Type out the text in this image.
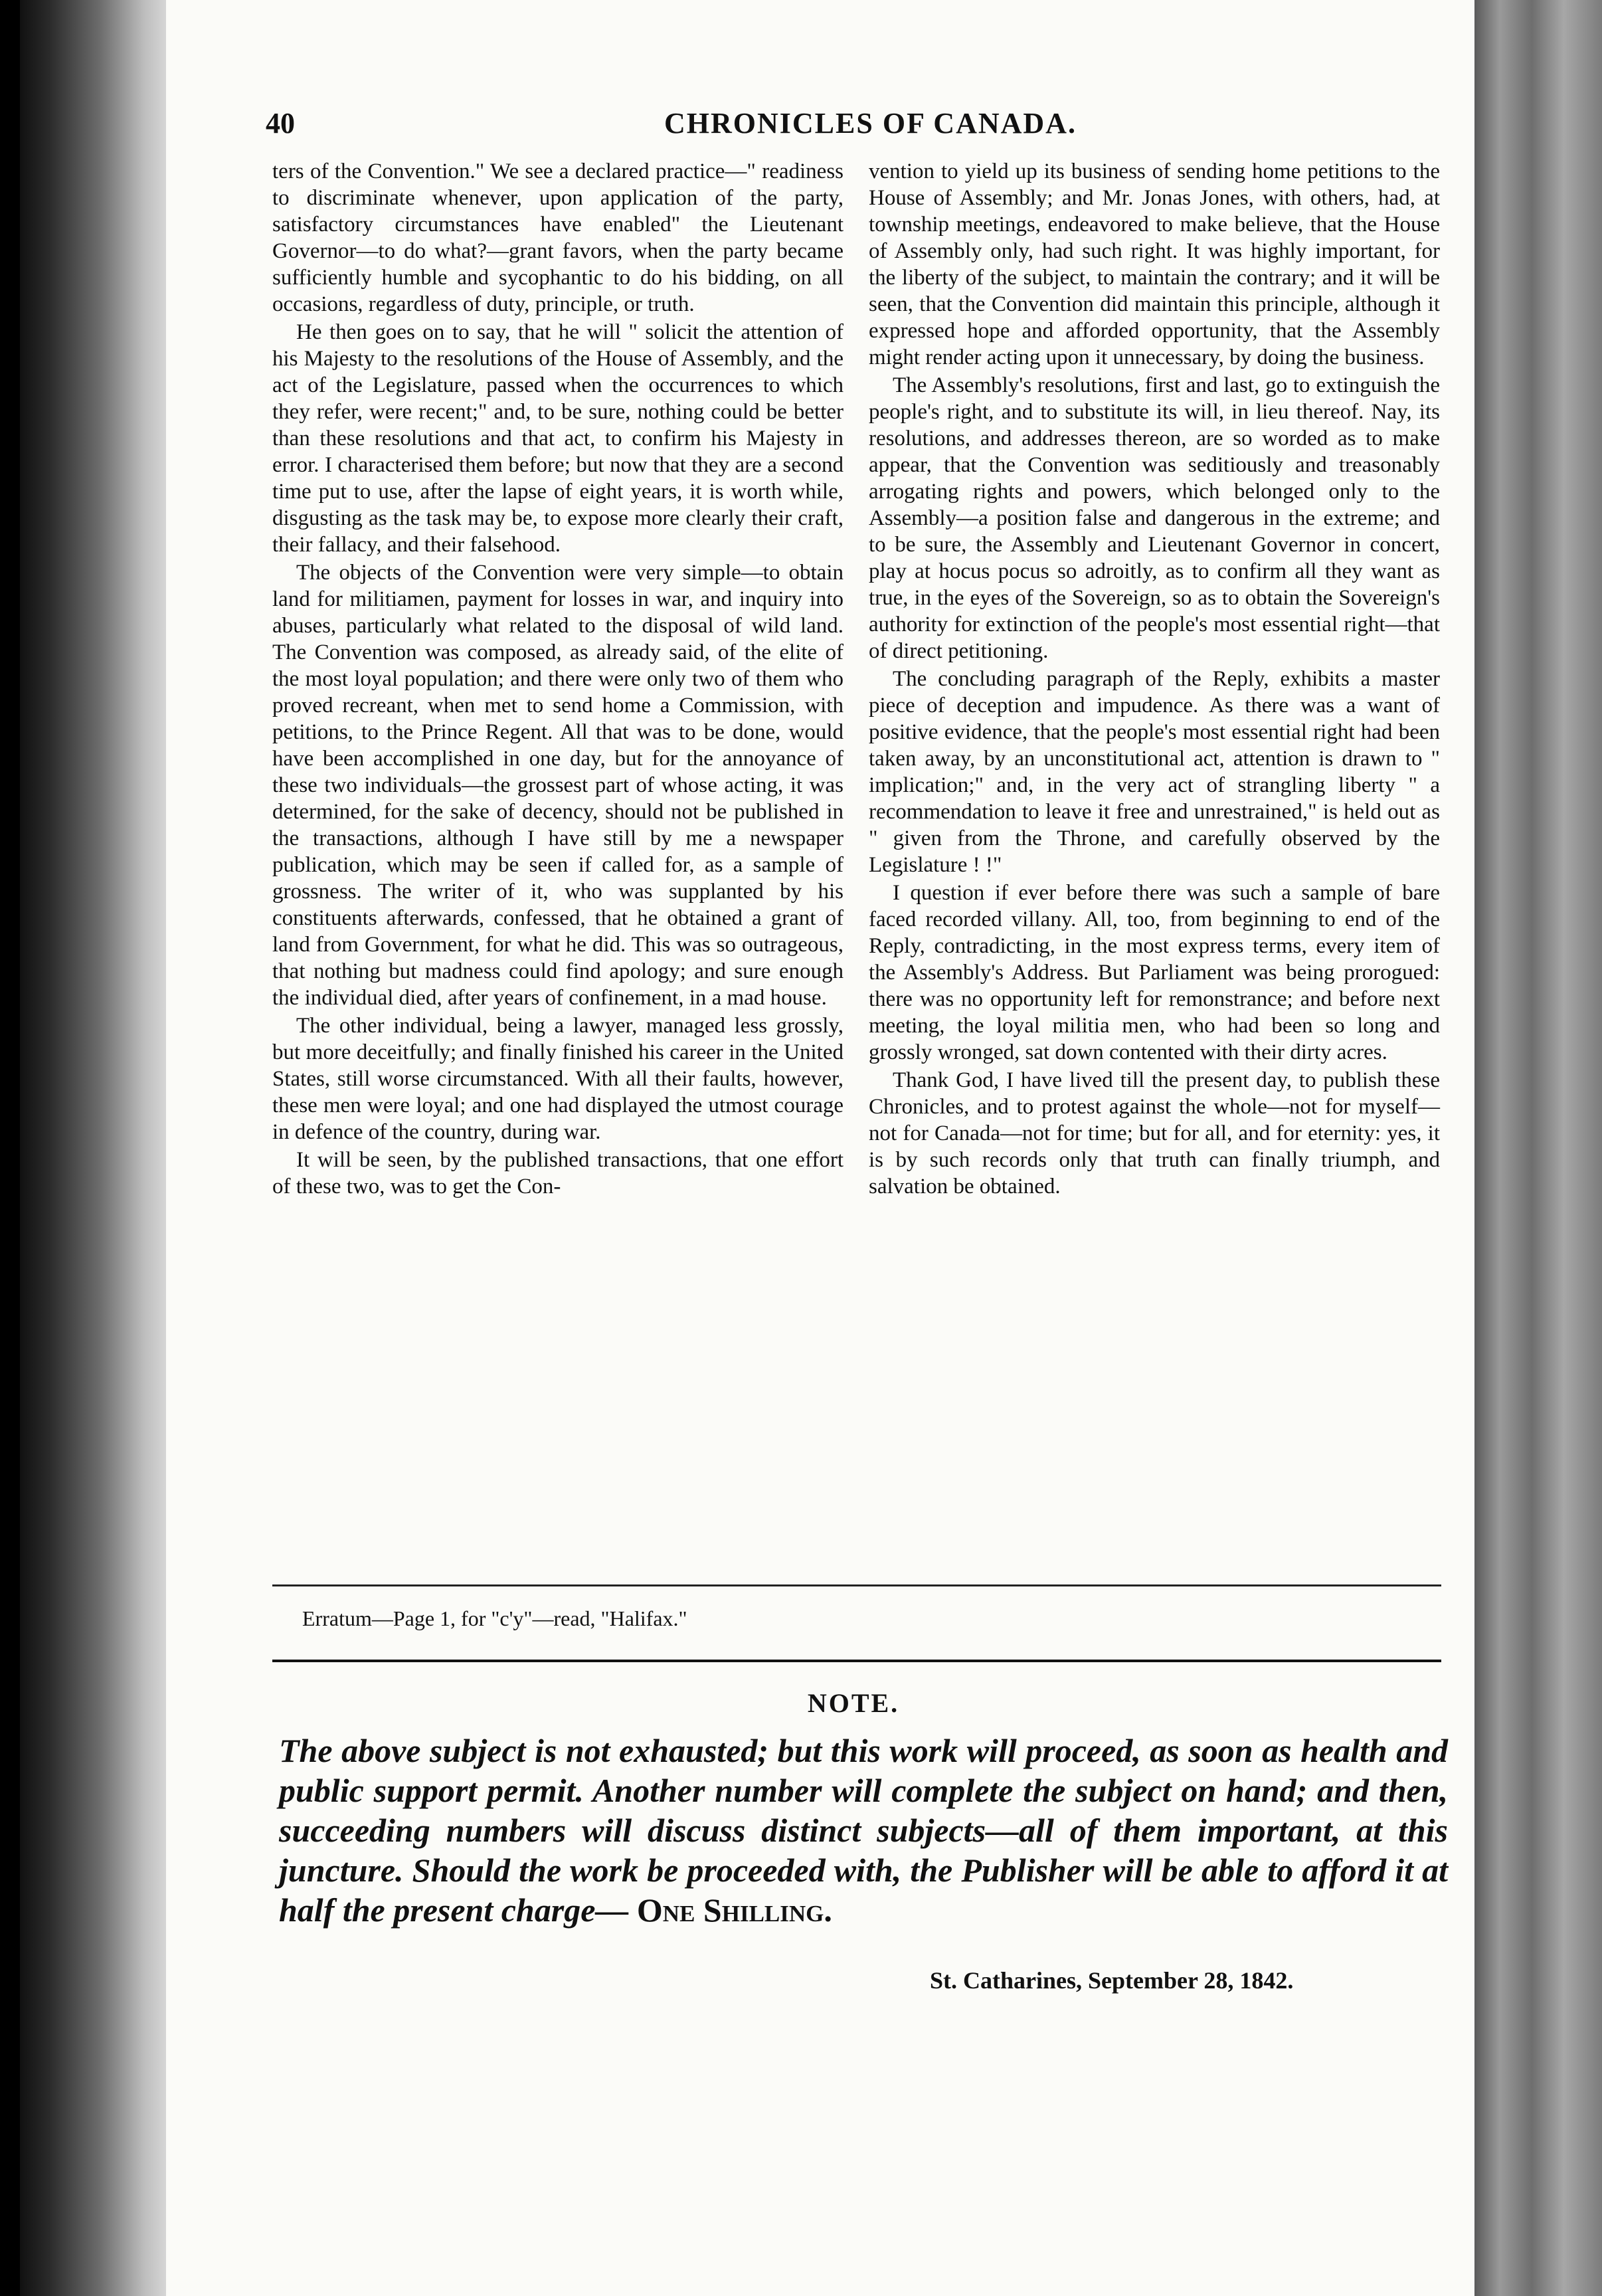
40	CHRONICLES OF CANADA.

ters of the Convention." We see a declared practice—" readiness to discriminate whenever, upon application of the party, satisfactory circumstances have enabled" the Lieutenant Governor—to do what?—grant favors, when the party became sufficiently humble and sycophantic to do his bidding, on all occasions, regardless of duty, principle, or truth.

He then goes on to say, that he will " solicit the attention of his Majesty to the resolutions of the House of Assembly, and the act of the Legislature, passed when the occurrences to which they refer, were recent;" and, to be sure, nothing could be better than these resolutions and that act, to confirm his Majesty in error. I characterised them before; but now that they are a second time put to use, after the lapse of eight years, it is worth while, disgusting as the task may be, to expose more clearly their craft, their fallacy, and their falsehood.

The objects of the Convention were very simple—to obtain land for militiamen, payment for losses in war, and inquiry into abuses, particularly what related to the disposal of wild land. The Convention was composed, as already said, of the elite of the most loyal population; and there were only two of them who proved recreant, when met to send home a Commission, with petitions, to the Prince Regent. All that was to be done, would have been accomplished in one day, but for the annoyance of these two individuals—the grossest part of whose acting, it was determined, for the sake of decency, should not be published in the transactions, although I have still by me a newspaper publication, which may be seen if called for, as a sample of grossness. The writer of it, who was supplanted by his constituents afterwards, confessed, that he obtained a grant of land from Government, for what he did. This was so outrageous, that nothing but madness could find apology; and sure enough the individual died, after years of confinement, in a mad house.

The other individual, being a lawyer, managed less grossly, but more deceitfully; and finally finished his career in the United States, still worse circumstanced. With all their faults, however, these men were loyal; and one had displayed the utmost courage in defence of the country, during war.

It will be seen, by the published transactions, that one effort of these two, was to get the Con-

vention to yield up its business of sending home petitions to the House of Assembly; and Mr. Jonas Jones, with others, had, at township meetings, endeavored to make believe, that the House of Assembly only, had such right. It was highly important, for the liberty of the subject, to maintain the contrary; and it will be seen, that the Convention did maintain this principle, although it expressed hope and afforded opportunity, that the Assembly might render acting upon it unnecessary, by doing the business.

The Assembly's resolutions, first and last, go to extinguish the people's right, and to substitute its will, in lieu thereof. Nay, its resolutions, and addresses thereon, are so worded as to make appear, that the Convention was seditiously and treasonably arrogating rights and powers, which belonged only to the Assembly—a position false and dangerous in the extreme; and to be sure, the Assembly and Lieutenant Governor in concert, play at hocus pocus so adroitly, as to confirm all they want as true, in the eyes of the Sovereign, so as to obtain the Sovereign's authority for extinction of the people's most essential right—that of direct petitioning.

The concluding paragraph of the Reply, exhibits a master piece of deception and impudence. As there was a want of positive evidence, that the people's most essential right had been taken away, by an unconstitutional act, attention is drawn to " implication;" and, in the very act of strangling liberty " a recommendation to leave it free and unrestrained," is held out as " given from the Throne, and carefully observed by the Legislature ! !"

I question if ever before there was such a sample of bare faced recorded villany. All, too, from beginning to end of the Reply, contradicting, in the most express terms, every item of the Assembly's Address. But Parliament was being prorogued: there was no opportunity left for remonstrance; and before next meeting, the loyal militia men, who had been so long and grossly wronged, sat down contented with their dirty acres.

Thank God, I have lived till the present day, to publish these Chronicles, and to protest against the whole—not for myself—not for Canada—not for time; but for all, and for eternity: yes, it is by such records only that truth can finally triumph, and salvation be obtained.

Erratum—Page 1, for "c'y"—read, "Halifax."
NOTE.
The above subject is not exhausted; but this work will proceed, as soon as health and public support permit. Another number will complete the subject on hand; and then, succeeding numbers will discuss distinct subjects—all of them important, at this juncture. Should the work be proceeded with, the Publisher will be able to afford it at half the present charge— One Shilling.
St. Catharines, September 28, 1842.
